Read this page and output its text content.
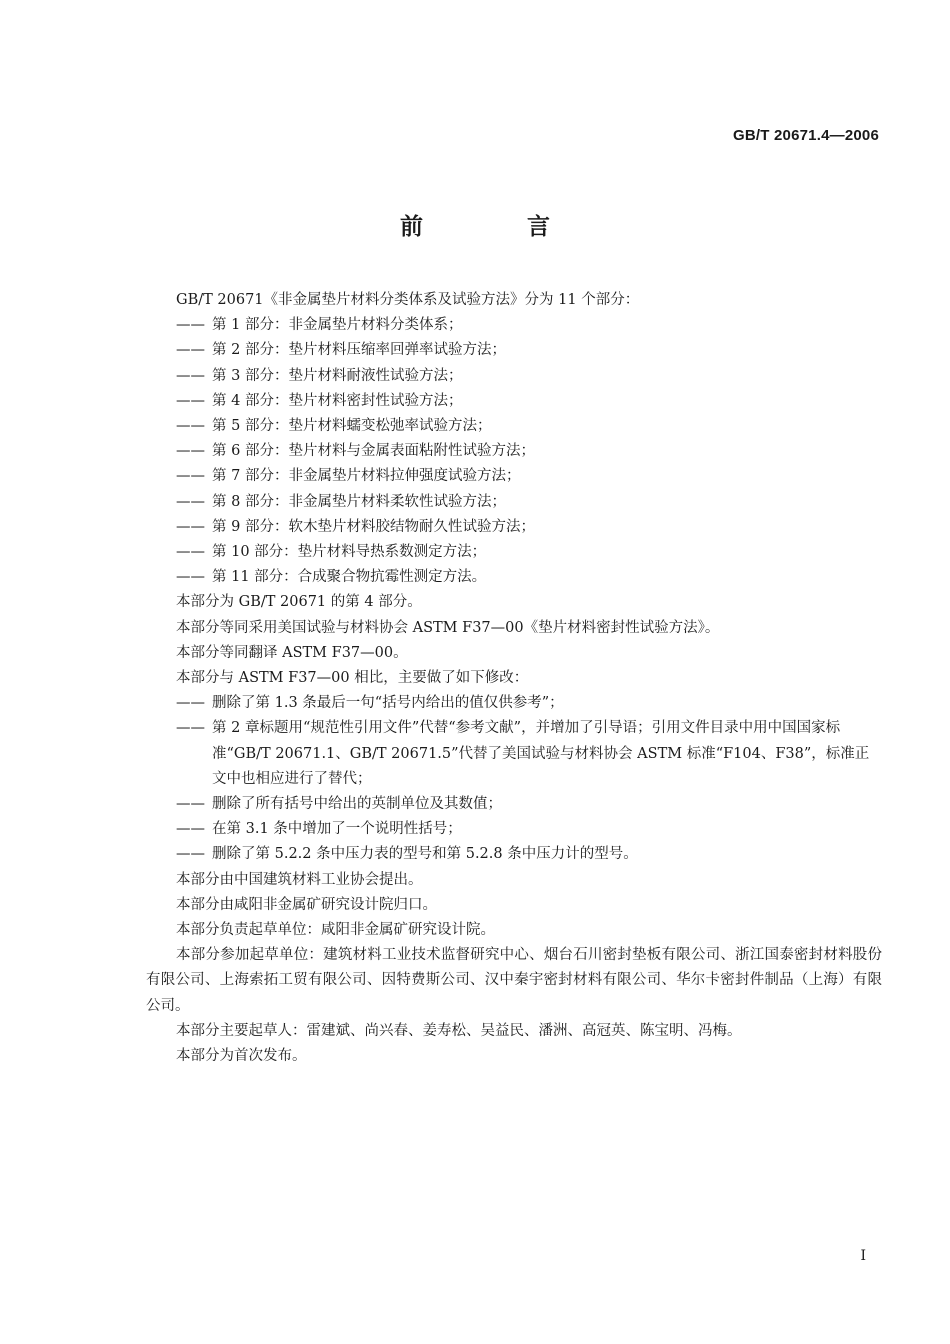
GB/T 20671.4—2006
前 言

GB/T 20671《非金属垫片材料分类体系及试验方法》分为 11 个部分：

—— 第 1 部分：非金属垫片材料分类体系；
—— 第 2 部分：垫片材料压缩率回弹率试验方法；
—— 第 3 部分：垫片材料耐液性试验方法；
—— 第 4 部分：垫片材料密封性试验方法；
—— 第 5 部分：垫片材料蠕变松弛率试验方法；
—— 第 6 部分：垫片材料与金属表面粘附性试验方法；
—— 第 7 部分：非金属垫片材料拉伸强度试验方法；
—— 第 8 部分：非金属垫片材料柔软性试验方法；
—— 第 9 部分：软木垫片材料胶结物耐久性试验方法；
—— 第 10 部分：垫片材料导热系数测定方法；
—— 第 11 部分：合成聚合物抗霉性测定方法。

本部分为 GB/T 20671 的第 4 部分。

本部分等同采用美国试验与材料协会 ASTM F37—00《垫片材料密封性试验方法》。

本部分等同翻译 ASTM F37—00。

本部分与 ASTM F37—00 相比，主要做了如下修改：

—— 删除了第 1.3 条最后一句“括号内给出的值仅供参考”；
—— 第 2 章标题用“规范性引用文件”代替“参考文献”，并增加了引导语；引用文件目录中用中国国家标准“GB/T 20671.1、GB/T 20671.5”代替了美国试验与材料协会 ASTM 标准“F104、F38”，标准正文中也相应进行了替代；
—— 删除了所有括号中给出的英制单位及其数值；
—— 在第 3.1 条中增加了一个说明性括号；
—— 删除了第 5.2.2 条中压力表的型号和第 5.2.8 条中压力计的型号。

本部分由中国建筑材料工业协会提出。

本部分由咸阳非金属矿研究设计院归口。

本部分负责起草单位：咸阳非金属矿研究设计院。

本部分参加起草单位：建筑材料工业技术监督研究中心、烟台石川密封垫板有限公司、浙江国泰密封材料股份有限公司、上海索拓工贸有限公司、因特费斯公司、汉中秦宇密封材料有限公司、华尔卡密封件制品（上海）有限公司。

本部分主要起草人：雷建斌、尚兴春、姜寿松、吴益民、潘洲、高冠英、陈宝明、冯梅。

本部分为首次发布。

I
